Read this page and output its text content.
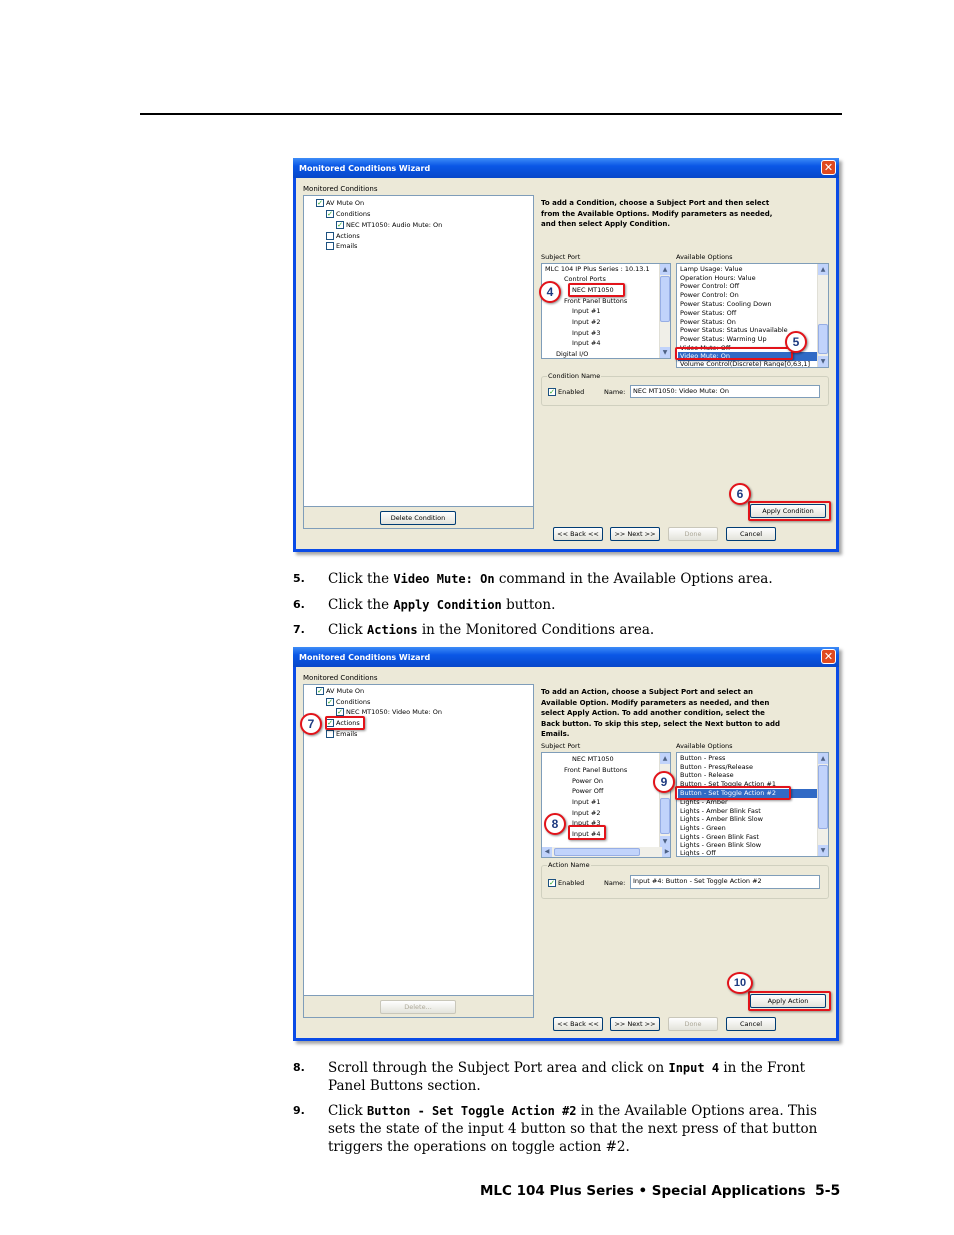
Monitored Conditions Wizard	✕
Monitored Conditions
✓ AV Mute On
✓ Conditions
✓ NEC MT1050: Audio Mute: On
Actions
Emails
Delete Condition
To add a Condition, choose a Subject Port and then select from the Available Options. Modify parameters as needed, and then select Apply Condition.
Subject Port
MLC 104 IP Plus Series : 10.13.1
Control Ports
NEC MT1050
Front Panel Buttons
Input #1
Input #2
Input #3
Input #4
Digital I/O
▲
▼
Available Options
Lamp Usage: Value
Operation Hours: Value
Power Control: Off
Power Control: On
Power Status: Cooling Down
Power Status: Off
Power Status: On
Power Status: Status Unavailable
Power Status: Warming Up
Video Mute: Off
Video Mute: On
Volume Control(Discrete) Range[0,63,1]
▲
▼
Condition Name
✓ Enabled	Name:	NEC MT1050: Video Mute: On
Apply Condition
<< Back <<	>> Next >>	Done	Cancel
4
5
6
5. Click the Video Mute: On command in the Available Options area.
6. Click the Apply Condition button.
7. Click Actions in the Monitored Conditions area.
Monitored Conditions Wizard	✕
Monitored Conditions
✓ AV Mute On
✓ Conditions
✓ NEC MT1050: Video Mute: On
✓ Actions
Emails
Delete...
To add an Action, choose a Subject Port and select an Available Option. Modify parameters as needed, and then select Apply Action. To add another condition, select the Back button. To skip this step, select the Next button to add Emails.
Subject Port
NEC MT1050
Front Panel Buttons
Power On
Power Off
Input #1
Input #2
Input #3
Input #4
▲
▼
◀	▶
Available Options
Button - Press
Button - Press/Release
Button - Release
Button - Set Toggle Action #1
Button - Set Toggle Action #2
Lights - Amber
Lights - Amber Blink Fast
Lights - Amber Blink Slow
Lights - Green
Lights - Green Blink Fast
Lights - Green Blink Slow
Lights - Off
▲
▼
Action Name
✓ Enabled	Name:	Input #4: Button - Set Toggle Action #2
Apply Action
<< Back <<	>> Next >>	Done	Cancel
7
8
9
10
8. Scroll through the Subject Port area and click on Input 4 in the Front Panel Buttons section.
9. Click Button - Set Toggle Action #2 in the Available Options area. This sets the state of the input 4 button so that the next press of that button triggers the operations on toggle action #2.
MLC 104 Plus Series • Special Applications 5-5
